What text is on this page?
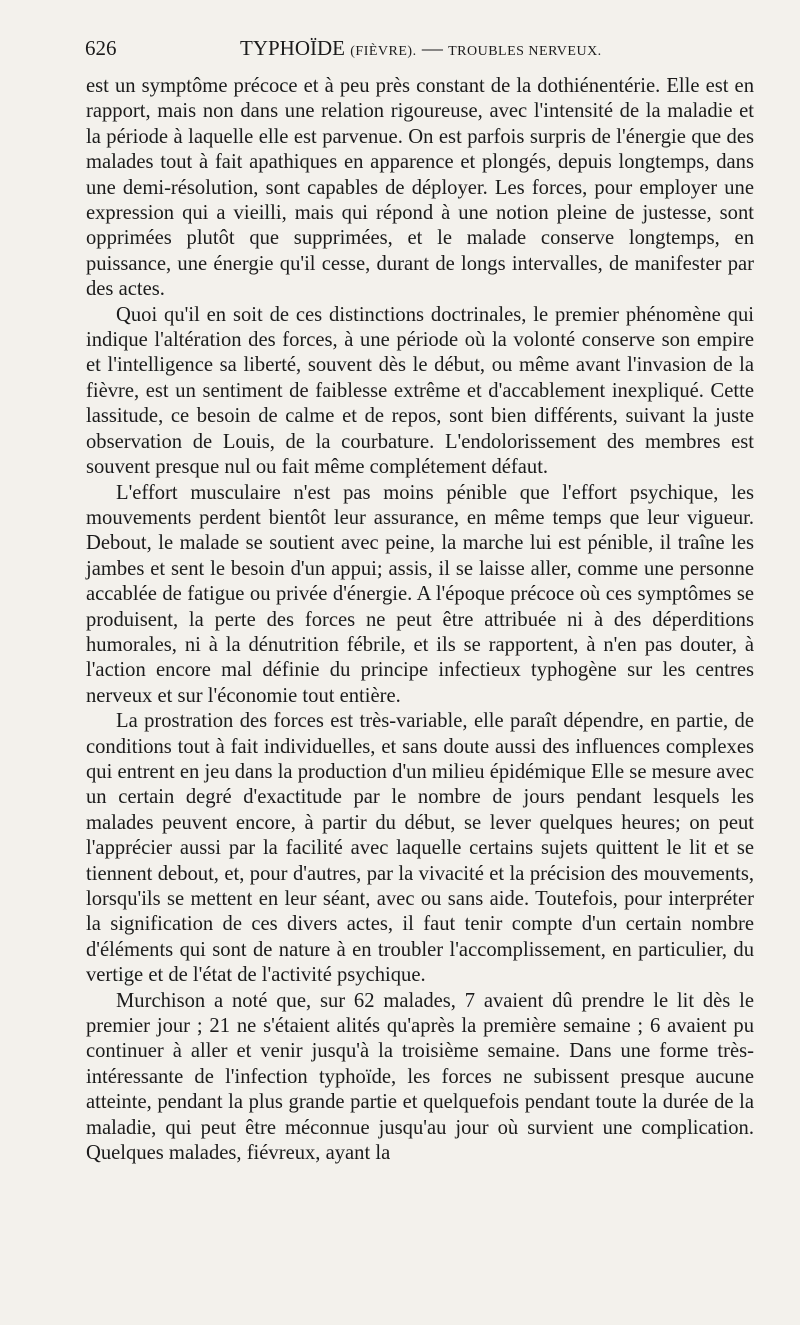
626	TYPHOÏDE (FIÈVRE). — TROUBLES NERVEUX.

est un symptôme précoce et à peu près constant de la dothiénentérie. Elle est en rapport, mais non dans une relation rigoureuse, avec l'intensité de la maladie et la période à laquelle elle est parvenue. On est parfois surpris de l'énergie que des malades tout à fait apathiques en apparence et plongés, depuis longtemps, dans une demi-résolution, sont capables de déployer. Les forces, pour employer une expression qui a vieilli, mais qui répond à une notion pleine de justesse, sont opprimées plutôt que supprimées, et le malade conserve longtemps, en puissance, une énergie qu'il cesse, durant de longs intervalles, de manifester par des actes.

Quoi qu'il en soit de ces distinctions doctrinales, le premier phénomène qui indique l'altération des forces, à une période où la volonté conserve son empire et l'intelligence sa liberté, souvent dès le début, ou même avant l'invasion de la fièvre, est un sentiment de faiblesse extrême et d'accablement inexpliqué. Cette lassitude, ce besoin de calme et de repos, sont bien différents, suivant la juste observation de Louis, de la courbature. L'endolorissement des membres est souvent presque nul ou fait même complétement défaut.

L'effort musculaire n'est pas moins pénible que l'effort psychique, les mouvements perdent bientôt leur assurance, en même temps que leur vigueur. Debout, le malade se soutient avec peine, la marche lui est pénible, il traîne les jambes et sent le besoin d'un appui; assis, il se laisse aller, comme une personne accablée de fatigue ou privée d'énergie. A l'époque précoce où ces symptômes se produisent, la perte des forces ne peut être attribuée ni à des déperditions humorales, ni à la dénutrition fébrile, et ils se rapportent, à n'en pas douter, à l'action encore mal définie du principe infectieux typhogène sur les centres nerveux et sur l'économie tout entière.

La prostration des forces est très-variable, elle paraît dépendre, en partie, de conditions tout à fait individuelles, et sans doute aussi des influences complexes qui entrent en jeu dans la production d'un milieu épidémique Elle se mesure avec un certain degré d'exactitude par le nombre de jours pendant lesquels les malades peuvent encore, à partir du début, se lever quelques heures; on peut l'apprécier aussi par la facilité avec laquelle certains sujets quittent le lit et se tiennent debout, et, pour d'autres, par la vivacité et la précision des mouvements, lorsqu'ils se mettent en leur séant, avec ou sans aide. Toutefois, pour interpréter la signification de ces divers actes, il faut tenir compte d'un certain nombre d'éléments qui sont de nature à en troubler l'accomplissement, en particulier, du vertige et de l'état de l'activité psychique.

Murchison a noté que, sur 62 malades, 7 avaient dû prendre le lit dès le premier jour ; 21 ne s'étaient alités qu'après la première semaine ; 6 avaient pu continuer à aller et venir jusqu'à la troisième semaine. Dans une forme très-intéressante de l'infection typhoïde, les forces ne subissent presque aucune atteinte, pendant la plus grande partie et quelquefois pendant toute la durée de la maladie, qui peut être méconnue jusqu'au jour où survient une complication. Quelques malades, fiévreux, ayant la
